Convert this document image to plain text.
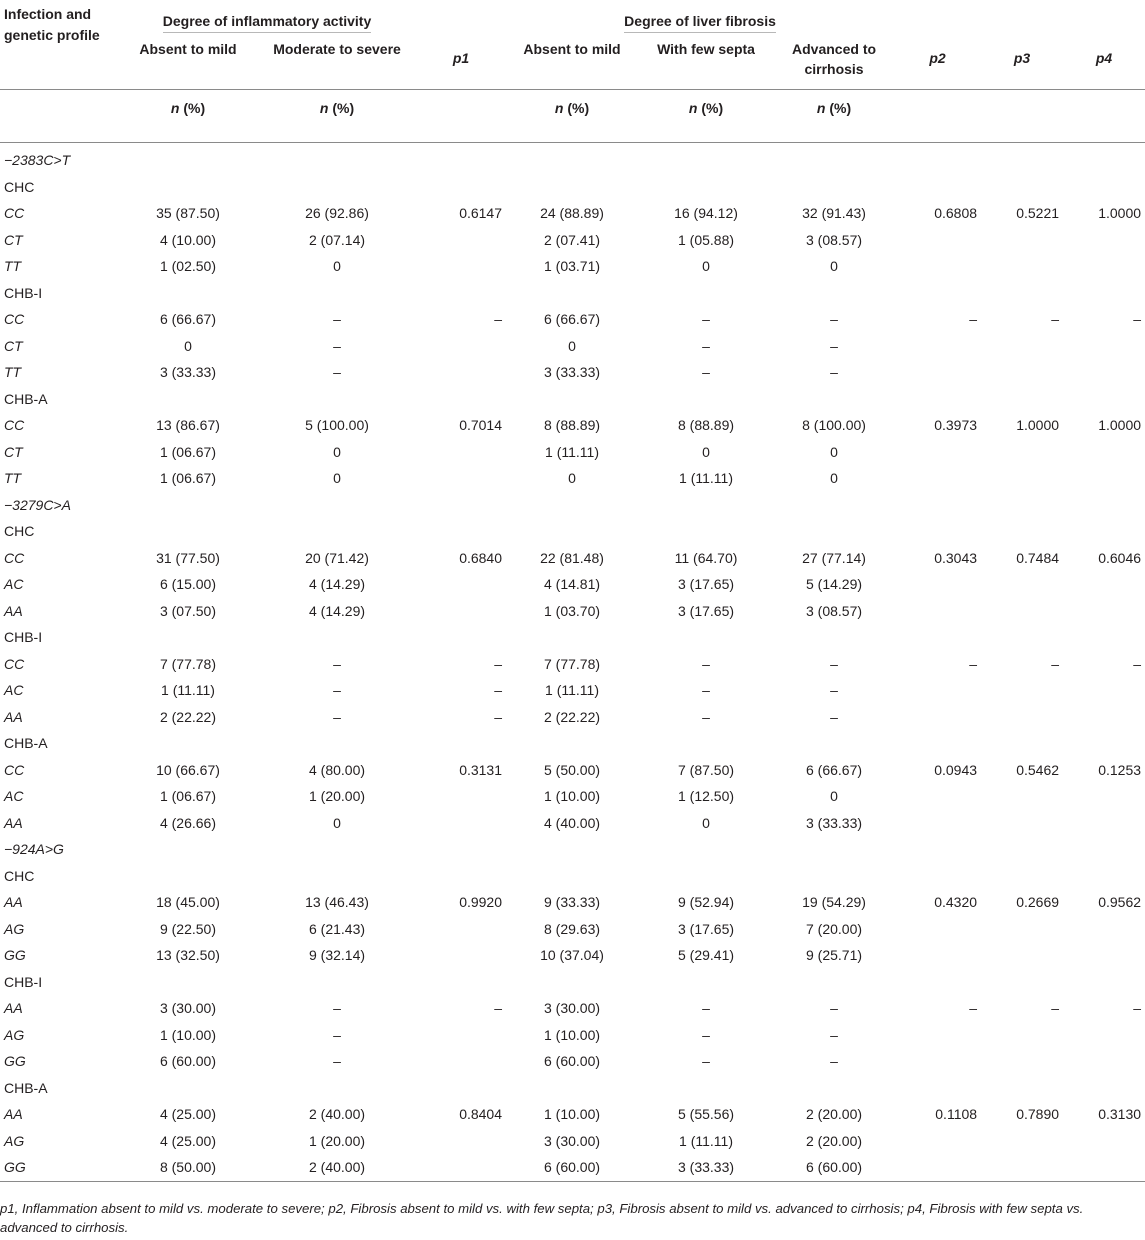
Infection and genetic profile	Degree of inflammatory activity		p1	Degree of liver fibrosis			p2	p3	p4
	Absent to mild	Moderate to severe		Absent to mild	With few septa	Advanced to cirrhosis			
	n (%)	n (%)		n (%)	n (%)	n (%)			
−2383C>T									
CHC									
CC	35 (87.50)	26 (92.86)	0.6147	24 (88.89)	16 (94.12)	32 (91.43)	0.6808	0.5221	1.0000
CT	4 (10.00)	2 (07.14)		2 (07.41)	1 (05.88)	3 (08.57)			
TT	1 (02.50)	0		1 (03.71)	0	0			
CHB-I									
CC	6 (66.67)	–	–	6 (66.67)	–	–	–	–	–
CT	0	–		0	–	–			
TT	3 (33.33)	–		3 (33.33)	–	–			
CHB-A									
CC	13 (86.67)	5 (100.00)	0.7014	8 (88.89)	8 (88.89)	8 (100.00)	0.3973	1.0000	1.0000
CT	1 (06.67)	0		1 (11.11)	0	0			
TT	1 (06.67)	0		0	1 (11.11)	0			
−3279C>A									
CHC									
CC	31 (77.50)	20 (71.42)	0.6840	22 (81.48)	11 (64.70)	27 (77.14)	0.3043	0.7484	0.6046
AC	6 (15.00)	4 (14.29)		4 (14.81)	3 (17.65)	5 (14.29)			
AA	3 (07.50)	4 (14.29)		1 (03.70)	3 (17.65)	3 (08.57)			
CHB-I									
CC	7 (77.78)	–	–	7 (77.78)	–	–	–	–	–
AC	1 (11.11)	–	–	1 (11.11)	–	–			
AA	2 (22.22)	–	–	2 (22.22)	–	–			
CHB-A									
CC	10 (66.67)	4 (80.00)	0.3131	5 (50.00)	7 (87.50)	6 (66.67)	0.0943	0.5462	0.1253
AC	1 (06.67)	1 (20.00)		1 (10.00)	1 (12.50)	0			
AA	4 (26.66)	0		4 (40.00)	0	3 (33.33)			
−924A>G									
CHC									
AA	18 (45.00)	13 (46.43)	0.9920	9 (33.33)	9 (52.94)	19 (54.29)	0.4320	0.2669	0.9562
AG	9 (22.50)	6 (21.43)		8 (29.63)	3 (17.65)	7 (20.00)			
GG	13 (32.50)	9 (32.14)		10 (37.04)	5 (29.41)	9 (25.71)			
CHB-I									
AA	3 (30.00)	–	–	3 (30.00)	–	–	–	–	–
AG	1 (10.00)	–		1 (10.00)	–	–			
GG	6 (60.00)	–		6 (60.00)	–	–			
CHB-A									
AA	4 (25.00)	2 (40.00)	0.8404	1 (10.00)	5 (55.56)	2 (20.00)	0.1108	0.7890	0.3130
AG	4 (25.00)	1 (20.00)		3 (30.00)	1 (11.11)	2 (20.00)			
GG	8 (50.00)	2 (40.00)		6 (60.00)	3 (33.33)	6 (60.00)			
p1, Inflammation absent to mild vs. moderate to severe; p2, Fibrosis absent to mild vs. with few septa; p3, Fibrosis absent to mild vs. advanced to cirrhosis; p4, Fibrosis with few septa vs. advanced to cirrhosis.
